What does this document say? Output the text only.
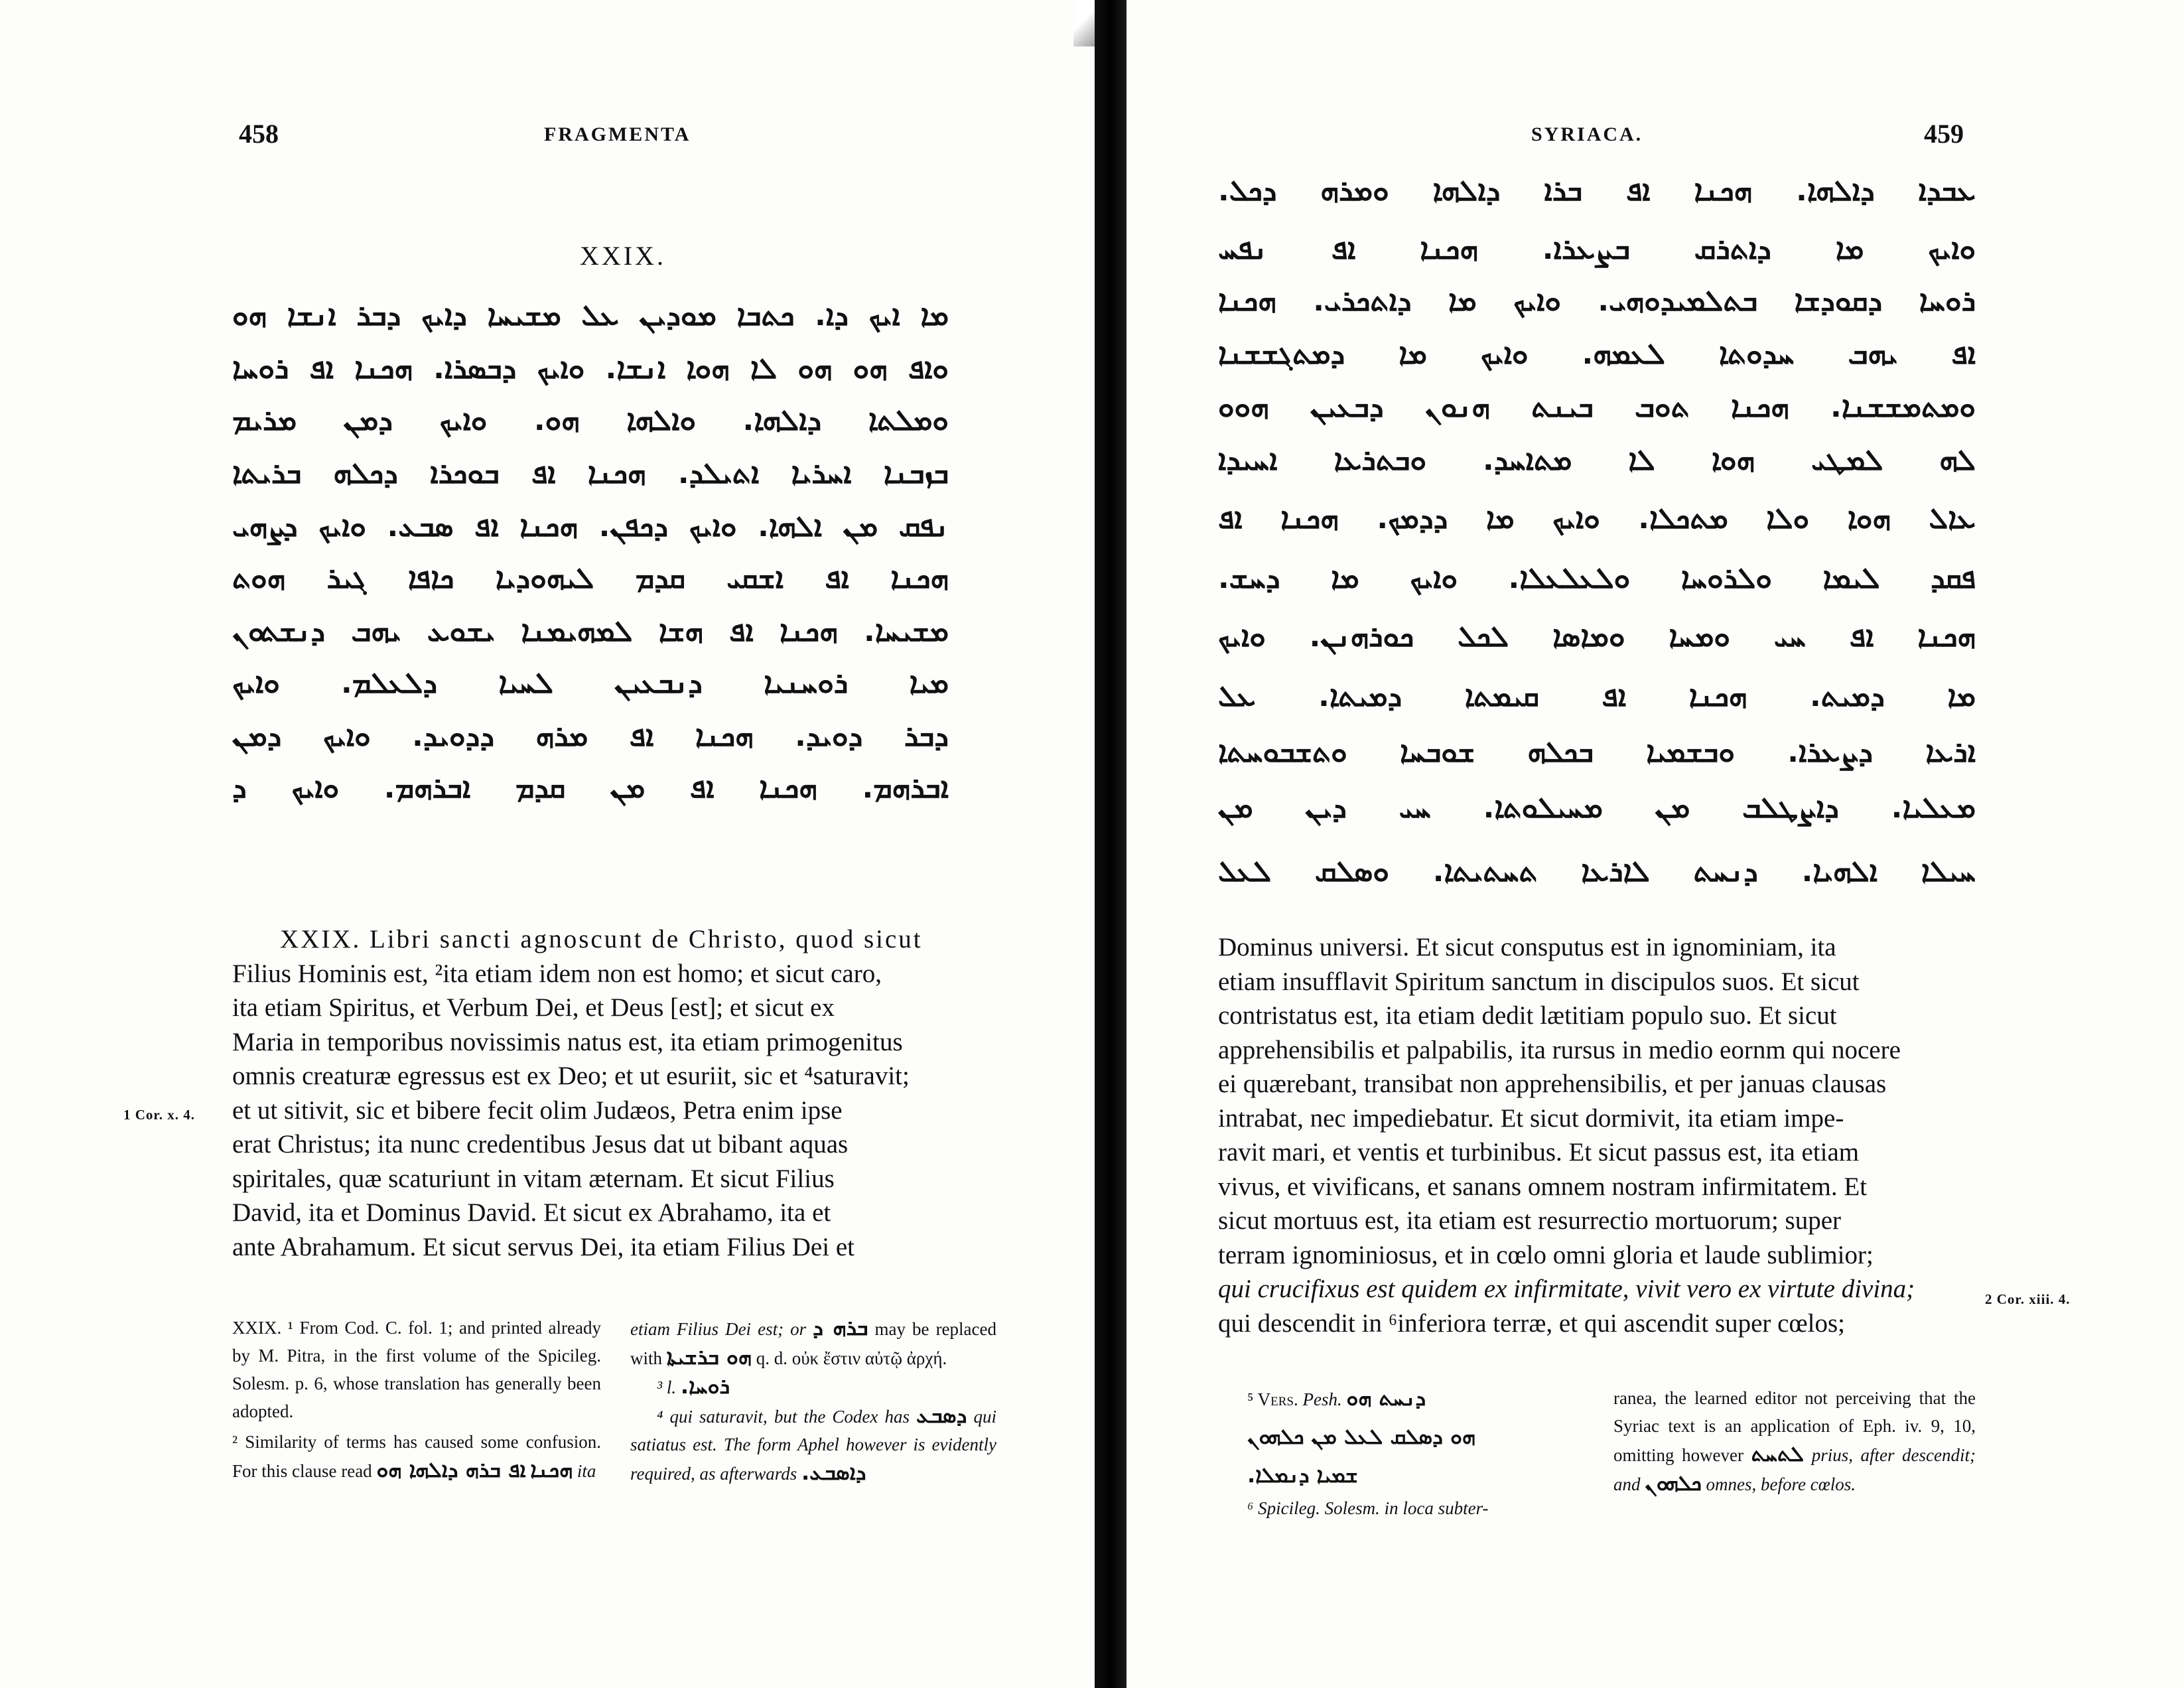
458	FRAGMENTA
XXIX.
ܡܐ ܐܝܟ ܕܐ. ܟܬܒܐ ܡܘܕܝܢ ܥܠ ܡܫܝܚܐ ܕܐܝܟ ܕܒܪ ܐܢܫܐ ܗܘ
ܘܐܦ ܗܘ ܗܘ ܠܐ ܗܘܐ ܐܢܫܐ. ܘܐܝܟ ܕܒܣܪܐ. ܗܟܢܐ ܐܦ ܪܘܚܐ
ܘܡܠܬܐ ܕܐܠܗܐ. ܘܐܠܗܐ ܗܘ. ܘܐܝܟ ܕܡܢ ܡܪܝܡ
ܒܙܒܢܐ ܐܚܪܝܐ ܐܬܝܠܕ. ܗܟܢܐ ܐܦ ܒܘܟܪܐ ܕܟܠܗ ܒܪܝܬܐ
ܢܦܩ ܡܢ ܐܠܗܐ. ܘܐܝܟ ܕܟܦܢ. ܗܟܢܐ ܐܦ ܣܒܥ. ܘܐܝܟ ܕܨܗܝ
ܗܟܢܐ ܐܦ ܐܫܩܝ ܩܕܡ ܠܝܗܘܕܝܐ ܟܐܦܐ ܓܝܪ ܗܘܬ
ܡܫܝܚܐ. ܗܟܢܐ ܐܦ ܗܫܐ ܠܡܗܝܡܢܐ ܝܫܘܥ ܝܗܒ ܕܢܫܬܘܢ
ܡܝܐ ܪܘܚܢܝܐ ܕܢܒܥܝܢ ܠܚܝܐ ܕܠܥܠܡ. ܘܐܝܟ
ܕܒܪ ܕܘܝܕ. ܗܟܢܐ ܐܦ ܡܪܗ ܕܕܘܝܕ. ܘܐܝܟ ܕܡܢ
ܐܒܪܗܡ. ܗܟܢܐ ܐܦ ܡܢ ܩܕܡ ܐܒܪܗܡ. ܘܐܝܟ ܕ

XXIX. Libri sancti agnoscunt de Christo, quod sicut

Filius Hominis est, ²ita etiam idem non est homo; et sicut caro,

ita etiam Spiritus, et Verbum Dei, et Deus [est]; et sicut ex

Maria in temporibus novissimis natus est, ita etiam primogenitus

omnis creaturæ egressus est ex Deo; et ut esuriit, sic et ⁴saturavit;

et ut sitivit, sic et bibere fecit olim Judæos, Petra enim ipse

erat Christus; ita nunc credentibus Jesus dat ut bibant aquas

spiritales, quæ scaturiunt in vitam æternam. Et sicut Filius

David, ita et Dominus David. Et sicut ex Abrahamo, ita et

ante Abrahamum. Et sicut servus Dei, ita etiam Filius Dei et

1 Cor. x. 4.

XXIX. ¹ From Cod. C. fol. 1; and printed already by M. Pitra, in the first volume of the Spicileg. Solesm. p. 6, whose translation has generally been adopted.

² Similarity of terms has caused some confusion. For this clause read	ܗܟܢܐ ܐܦ ܒܪܗ ܕܐܠܗܐ ܗܘ	ita

etiam Filius Dei est; or ܒܪܗ ܕ may be replaced with ܗܘ ܒܪܫܝܬܐ q. d. οὐκ ἔστιν αὐτῷ ἀρχή.

³ l. ܪܘܚܐ.

⁴ qui saturavit, but the Codex has ܕܣܒܥ qui satiatus est. The form Aphel however is evidently required, as afterwards ܕܐܣܒܥ.

SYRIACA.	459
ܥܒܕܐ ܕܐܠܗܐ. ܗܟܢܐ ܐܦ ܒܪܐ ܕܐܠܗܐ ܘܡܪܗ ܕܟܠ.
ܘܐܝܟ ܡܐ ܕܐܬܪܩ ܒܨܥܪܐ. ܗܟܢܐ ܐܦ ܢܦܚ
ܪܘܚܐ ܕܩܘܕܫܐ ܒܬܠܡܝܕܘܗܝ. ܘܐܝܟ ܡܐ ܕܐܬܟܪܝ. ܗܟܢܐ
ܐܦ ܝܗܒ ܚܕܘܬܐ ܠܥܡܗ. ܘܐܝܟ ܡܐ ܕܡܬܓܫܫܢܐ
ܘܡܬܡܫܫܢܐ. ܗܟܢܐ ܬܘܒ ܒܝܢܬ ܗܢܘܢ ܕܒܥܝܢ ܗܘܘ
ܠܗ ܠܡܛܝ ܗܘܐ ܠܐ ܡܬܐܚܕ. ܘܒܬܪܥܐ ܐܚܝܕܐ
ܥܐܠ ܗܘܐ ܘܠܐ ܡܬܟܠܐ. ܘܐܝܟ ܡܐ ܕܕܡܟ. ܗܟܢܐ ܐܦ
ܦܩܕ ܠܝܡܐ ܘܠܪܘܚܐ ܘܠܥܠܥܠܐ. ܘܐܝܟ ܡܐ ܕܚܫ.
ܗܟܢܐ ܐܦ ܚܝ ܘܡܚܐ ܘܡܐܣܐ ܠܟܠ ܟܘܪܗܢܢ. ܘܐܝܟ
ܡܐ ܕܡܝܬ. ܗܟܢܐ ܐܦ ܩܝܡܬܐ ܕܡܝܬܐ. ܥܠ
ܐܪܥܐ ܕܨܥܪܐ. ܘܒܫܡܝܐ ܒܟܠܗ ܫܘܒܚܐ ܘܬܫܒܘܚܬܐ
ܡܥܠܝܐ. ܕܐܨܛܠܒ ܡܢ ܡܚܝܠܘܬܐ. ܚܝ ܕܝܢ ܡܢ
ܚܝܠܐ ܐܠܗܝܐ. ܕܢܚܬ ܠܐܪܥܐ ܬܚܬܝܬܐ. ܘܣܠܩ ܠܥܠ

Dominus universi. Et sicut consputus est in ignominiam, ita

etiam insufflavit Spiritum sanctum in discipulos suos. Et sicut

contristatus est, ita etiam dedit lætitiam populo suo. Et sicut

apprehensibilis et palpabilis, ita rursus in medio eornm qui nocere

ei quærebant, transibat non apprehensibilis, et per januas clausas

intrabat, nec impediebatur. Et sicut dormivit, ita etiam impe-

ravit mari, et ventis et turbinibus. Et sicut passus est, ita etiam

vivus, et vivificans, et sanans omnem nostram infirmitatem. Et

sicut mortuus est, ita etiam est resurrectio mortuorum; super

terram ignominiosus, et in cœlo omni gloria et laude sublimior;

qui crucifixus est quidem ex infirmitate, vivit vero ex virtute divina;

qui descendit in ⁶inferiora terræ, et qui ascendit super cœlos;

2 Cor. xiii. 4.

⁵ Vers. Pesh. ܕܢܚܬ ܗܘ

ܗܘ ܕܣܠܩ ܠܥܠ ܡܢ ܟܠܗܘܢ

ܫܡܝܐ ܕܢܡܠܐ.

⁶ Spicileg. Solesm. in loca subter-

ranea, the learned editor not perceiving that the Syriac text is an application of Eph. iv. 9, 10, omitting however ܠܬܚܬ prius, after descendit; and ܟܠܗܘܢ omnes, before cœlos.
